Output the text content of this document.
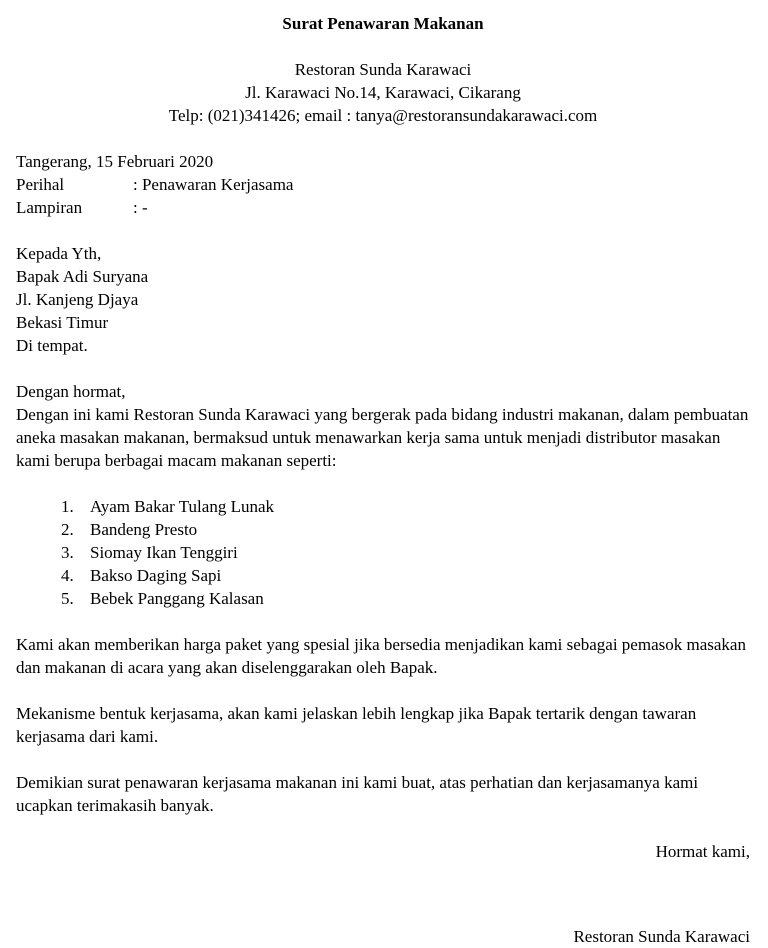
Surat Penawaran Makanan
Restoran Sunda Karawaci
Jl. Karawaci No.14, Karawaci, Cikarang
Telp: (021)341426; email : tanya@restoransundakarawaci.com
Tangerang, 15 Februari 2020
Perihal	: Penawaran Kerjasama
Lampiran	: -
Kepada Yth,
Bapak Adi Suryana
Jl. Kanjeng Djaya
Bekasi Timur
Di tempat.
Dengan hormat,
Dengan ini kami Restoran Sunda Karawaci yang bergerak pada bidang industri makanan, dalam pembuatan aneka masakan makanan, bermaksud untuk menawarkan kerja sama untuk menjadi distributor masakan kami berupa berbagai macam makanan seperti:
1. Ayam Bakar Tulang Lunak
2. Bandeng Presto
3. Siomay Ikan Tenggiri
4. Bakso Daging Sapi
5. Bebek Panggang Kalasan
Kami akan memberikan harga paket yang spesial jika bersedia menjadikan kami sebagai pemasok masakan dan makanan di acara yang akan diselenggarakan oleh Bapak.
Mekanisme bentuk kerjasama, akan kami jelaskan lebih lengkap jika Bapak tertarik dengan tawaran kerjasama dari kami.
Demikian surat penawaran kerjasama makanan ini kami buat, atas perhatian dan kerjasamanya kami ucapkan terimakasih banyak.
Hormat kami,
Restoran Sunda Karawaci
